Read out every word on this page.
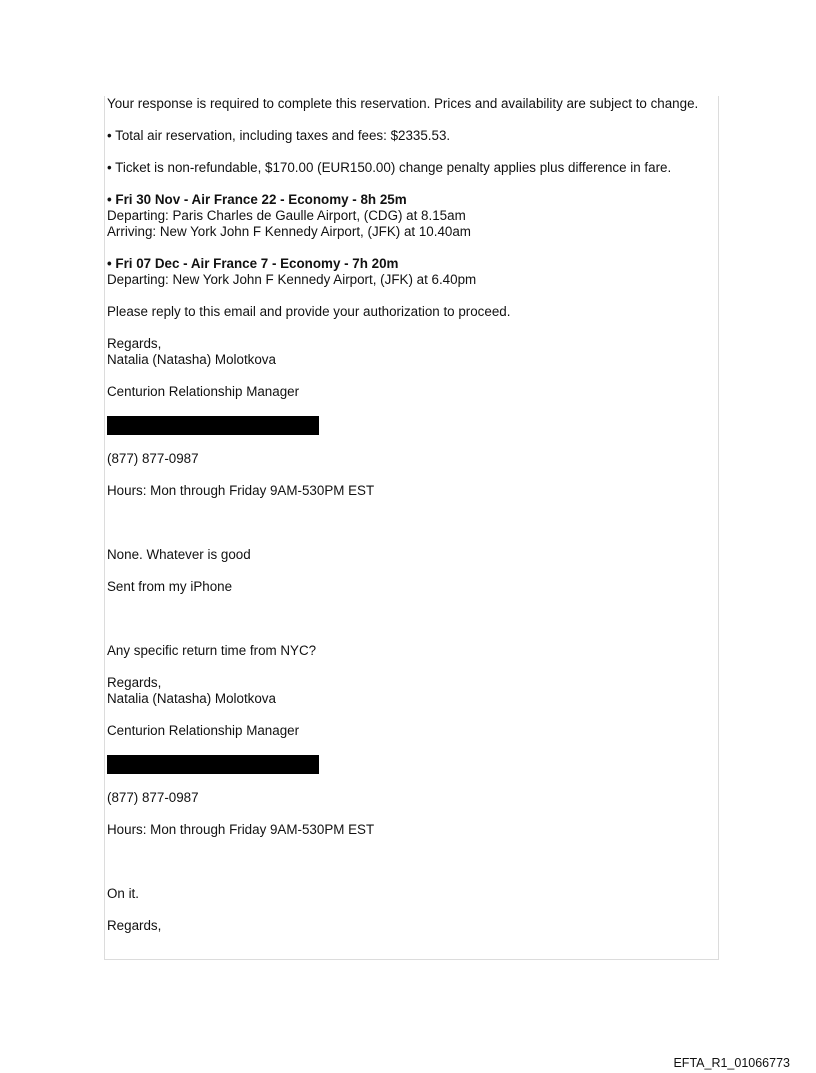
Your response is required to complete this reservation. Prices and availability are subject to change.

• Total air reservation, including taxes and fees: $2335.53.

• Ticket is non-refundable, $170.00 (EUR150.00) change penalty applies plus difference in fare.

• Fri 30 Nov - Air France 22 - Economy - 8h 25m

Departing: Paris Charles de Gaulle Airport, (CDG) at 8.15am

Arriving: New York John F Kennedy Airport, (JFK) at 10.40am

• Fri 07 Dec - Air France 7 - Economy - 7h 20m

Departing: New York John F Kennedy Airport, (JFK) at 6.40pm

Please reply to this email and provide your authorization to proceed.

Regards,

Natalia (Natasha) Molotkova

Centurion Relationship Manager

(877) 877-0987

Hours: Mon through Friday 9AM-530PM EST

None. Whatever is good

Sent from my iPhone

Any specific return time from NYC?

Regards,

Natalia (Natasha) Molotkova

Centurion Relationship Manager

(877) 877-0987

Hours: Mon through Friday 9AM-530PM EST

On it.

Regards,

EFTA_R1_01066773
